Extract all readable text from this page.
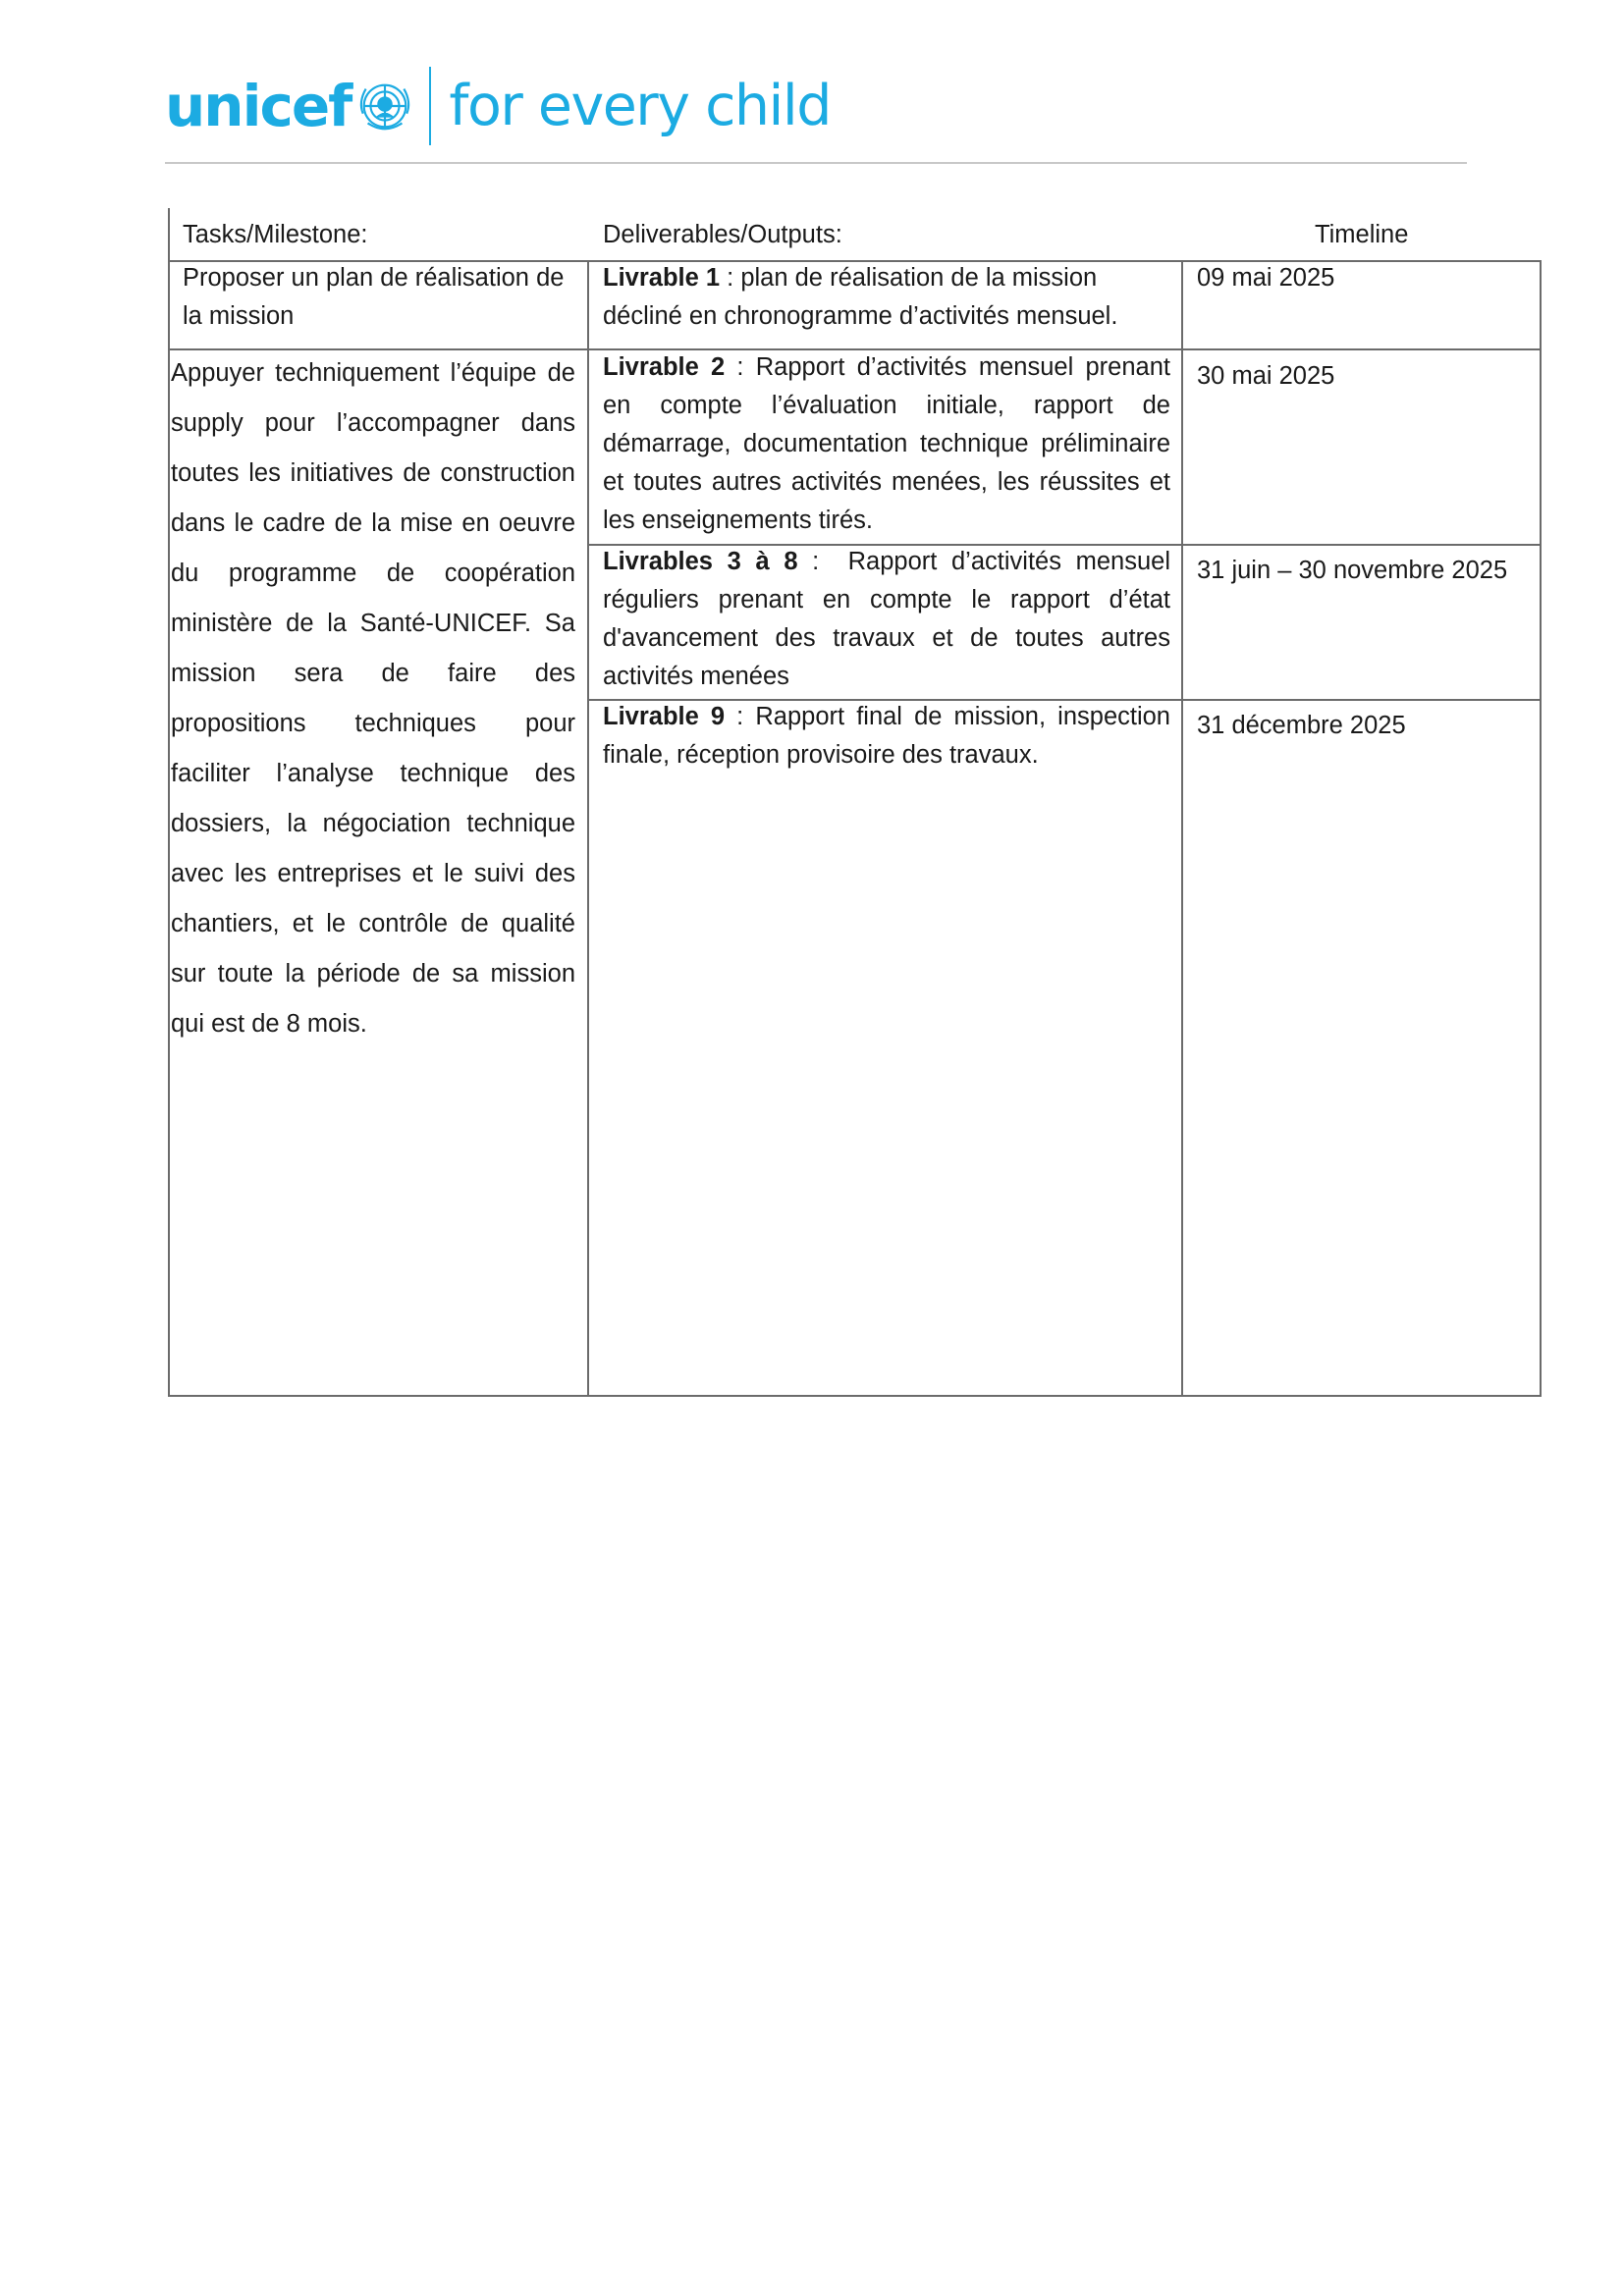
unicef for every child
Tasks/Milestone:	Deliverables/Outputs:	Timeline
Proposer un plan de réalisation de la mission
Livrable 1 : plan de réalisation de la mission décliné en chronogramme d’activités mensuel.
09 mai 2025
Appuyer techniquement l’équipe de supply pour l’accompagner dans toutes les initiatives de construction dans le cadre de la mise en oeuvre du programme de coopération ministère de la Santé-UNICEF. Sa mission sera de faire des propositions techniques pour faciliter l’analyse technique des dossiers, la négociation technique avec les entreprises et le suivi des chantiers, et le contrôle de qualité sur toute la période de sa mission qui est de 8 mois.
Livrable 2 : Rapport d’activités mensuel prenant en compte l’évaluation initiale, rapport de démarrage, documentation technique préliminaire et toutes autres activités menées, les réussites et les enseignements tirés.
30 mai 2025
Livrables 3 à 8 :  Rapport d’activités mensuel réguliers prenant en compte le rapport d’état d'avancement des travaux et de toutes autres activités menées
31 juin – 30 novembre 2025
Livrable 9 : Rapport final de mission, inspection finale, réception provisoire des travaux.
31 décembre 2025
